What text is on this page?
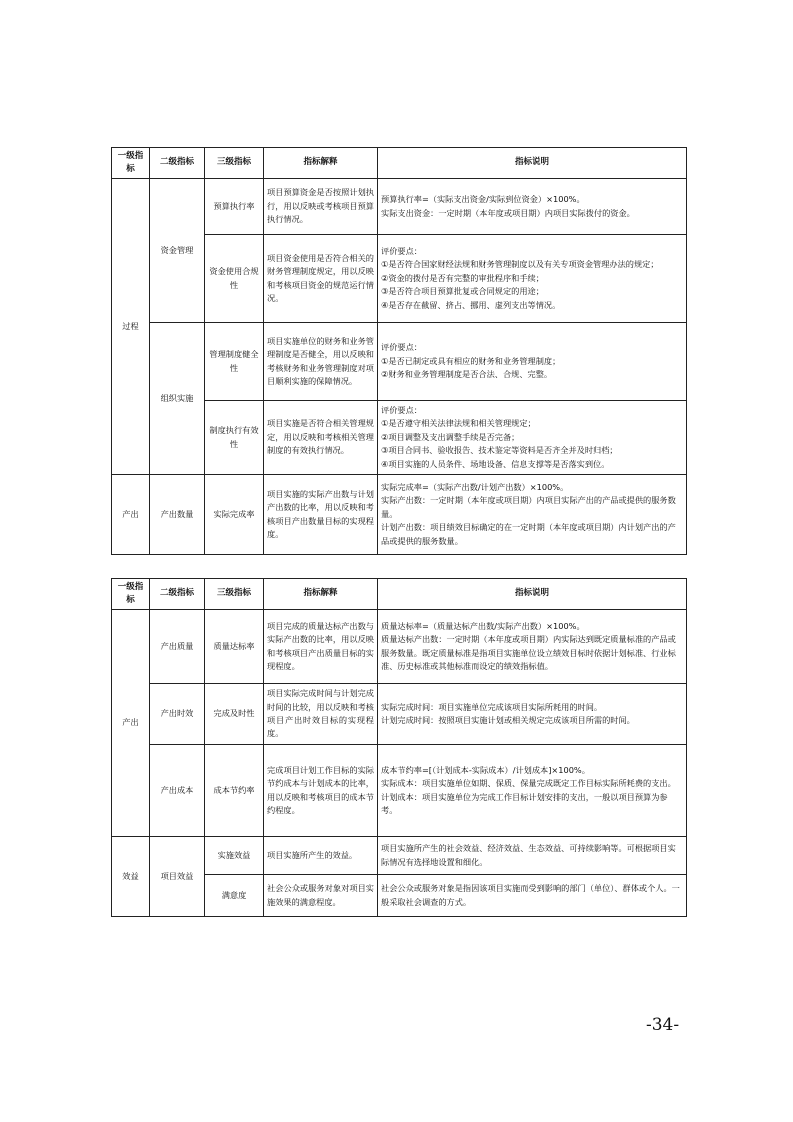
一级指标	二级指标	三级指标	指标解释	指标说明
过程	资金管理	预算执行率	项目预算资金是否按照计划执行，用以反映或考核项目预算执行情况。	预算执行率=（实际支出资金/实际到位资金）×100%。
实际支出资金：一定时期（本年度或项目期）内项目实际拨付的资金。

		资金使用合规性	项目资金使用是否符合相关的财务管理制度规定，用以反映和考核项目资金的规范运行情况。	评价要点：
①是否符合国家财经法规和财务管理制度以及有关专项资金管理办法的规定；
②资金的拨付是否有完整的审批程序和手续；
③是否符合项目预算批复或合同规定的用途；
④是否存在截留、挤占、挪用、虚列支出等情况。

	组织实施	管理制度健全性	项目实施单位的财务和业务管理制度是否健全，用以反映和考核财务和业务管理制度对项目顺利实施的保障情况。	评价要点：
①是否已制定或具有相应的财务和业务管理制度；
②财务和业务管理制度是否合法、合规、完整。

		制度执行有效性	项目实施是否符合相关管理规定，用以反映和考核相关管理制度的有效执行情况。	评价要点：
①是否遵守相关法律法规和相关管理规定；
②项目调整及支出调整手续是否完备；
③项目合同书、验收报告、技术鉴定等资料是否齐全并及时归档；
④项目实施的人员条件、场地设备、信息支撑等是否落实到位。

产出	产出数量	实际完成率	项目实施的实际产出数与计划产出数的比率，用以反映和考核项目产出数量目标的实现程度。	实际完成率=（实际产出数/计划产出数）×100%。
实际产出数：一定时期（本年度或项目期）内项目实际产出的产品或提供的服务数量。
计划产出数：项目绩效目标确定的在一定时期（本年度或项目期）内计划产出的产品或提供的服务数量。
一级指标	二级指标	三级指标	指标解释	指标说明
产出	产出质量	质量达标率	项目完成的质量达标产出数与实际产出数的比率，用以反映和考核项目产出质量目标的实现程度。	质量达标率=（质量达标产出数/实际产出数）×100%。
质量达标产出数：一定时期（本年度或项目期）内实际达到既定质量标准的产品或服务数量。既定质量标准是指项目实施单位设立绩效目标时依据计划标准、行业标准、历史标准或其他标准而设定的绩效指标值。

	产出时效	完成及时性	项目实际完成时间与计划完成时间的比较，用以反映和考核项目产出时效目标的实现程度。	实际完成时间：项目实施单位完成该项目实际所耗用的时间。
计划完成时间：按照项目实施计划或相关规定完成该项目所需的时间。

	产出成本	成本节约率	完成项目计划工作目标的实际节约成本与计划成本的比率，用以反映和考核项目的成本节约程度。	成本节约率=[（计划成本-实际成本）/计划成本]×100%。
实际成本：项目实施单位如期、保质、保量完成既定工作目标实际所耗费的支出。
计划成本：项目实施单位为完成工作目标计划安排的支出，一般以项目预算为参考。

效益	项目效益	实施效益	项目实施所产生的效益。	项目实施所产生的社会效益、经济效益、生态效益、可持续影响等。可根据项目实际情况有选择地设置和细化。

		满意度	社会公众或服务对象对项目实施效果的满意程度。	社会公众或服务对象是指因该项目实施而受到影响的部门（单位）、群体或个人。一般采取社会调查的方式。
-34-
